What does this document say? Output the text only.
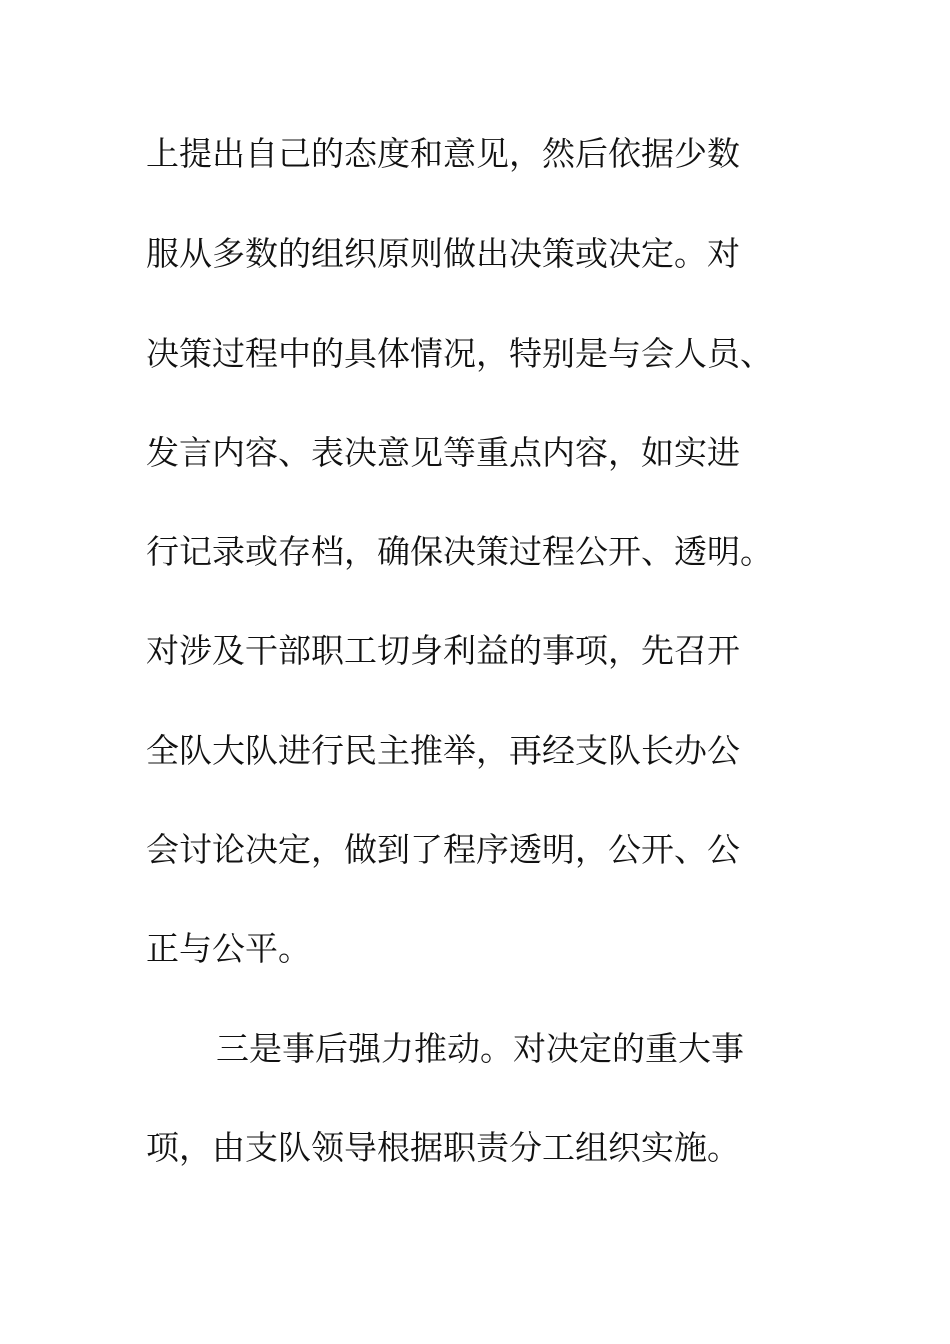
上提出自己的态度和意见，然后依据少数
服从多数的组织原则做出决策或决定。对
决策过程中的具体情况，特别是与会人员、
发言内容、表决意见等重点内容，如实进
行记录或存档，确保决策过程公开、透明。
对涉及干部职工切身利益的事项，先召开
全队大队进行民主推举，再经支队长办公
会讨论决定，做到了程序透明，公开、公
正与公平。
三是事后强力推动。对决定的重大事
项，由支队领导根据职责分工组织实施。
